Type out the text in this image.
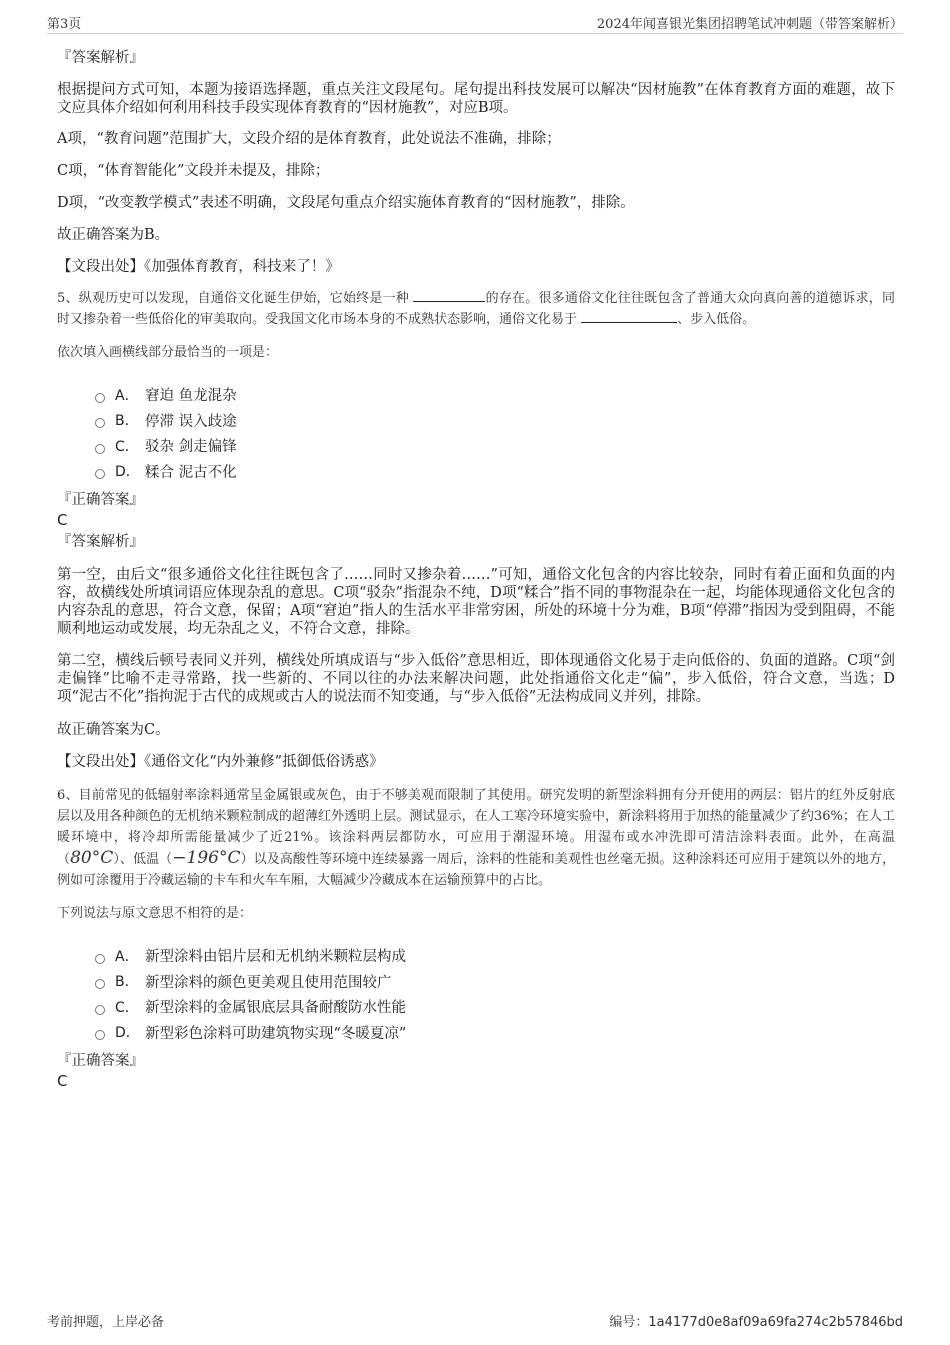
第3页	2024年闻喜银光集团招聘笔试冲刺题（带答案解析）

『答案解析』

根据提问方式可知，本题为接语选择题，重点关注文段尾句。尾句提出科技发展可以解决“因材施教”在体育教育方面的难题，故下文应具体介绍如何利用科技手段实现体育教育的“因材施教”，对应B项。

A项，“教育问题”范围扩大，文段介绍的是体育教育，此处说法不准确，排除；

C项，“体育智能化”文段并未提及，排除；

D项，“改变教学模式”表述不明确，文段尾句重点介绍实施体育教育的“因材施教”，排除。

故正确答案为B。

【文段出处】《加强体育教育，科技来了！》

5、纵观历史可以发现，自通俗文化诞生伊始，它始终是一种	的存在。很多通俗文化往往既包含了普通大众向真向善的道德诉求，同时又掺杂着一些低俗化的审美取向。受我国文化市场本身的不成熟状态影响，通俗文化易于	、步入低俗。

依次填入画横线部分最恰当的一项是：

A． 窘迫 鱼龙混杂
B． 停滞 误入歧途
C． 驳杂 剑走偏锋
D． 糅合 泥古不化

『正确答案』

C

『答案解析』

第一空，由后文“很多通俗文化往往既包含了……同时又掺杂着……”可知，通俗文化包含的内容比较杂，同时有着正面和负面的内容，故横线处所填词语应体现杂乱的意思。C项“驳杂”指混杂不纯，D项“糅合”指不同的事物混杂在一起，均能体现通俗文化包含的内容杂乱的意思，符合文意，保留；A项“窘迫”指人的生活水平非常穷困，所处的环境十分为难，B项“停滞”指因为受到阻碍，不能顺利地运动或发展，均无杂乱之义，不符合文意，排除。

第二空，横线后顿号表同义并列，横线处所填成语与“步入低俗”意思相近，即体现通俗文化易于走向低俗的、负面的道路。C项“剑走偏锋”比喻不走寻常路，找一些新的、不同以往的办法来解决问题，此处指通俗文化走“偏”，步入低俗，符合文意，当选；D项“泥古不化”指拘泥于古代的成规或古人的说法而不知变通，与“步入低俗”无法构成同义并列，排除。

故正确答案为C。

【文段出处】《通俗文化“内外兼修”抵御低俗诱惑》

6、目前常见的低辐射率涂料通常呈金属银或灰色，由于不够美观而限制了其使用。研究发明的新型涂料拥有分开使用的两层：铝片的红外反射底层以及用各种颜色的无机纳米颗粒制成的超薄红外透明上层。测试显示，在人工寒冷环境实验中，新涂料将用于加热的能量减少了约36%；在人工暖环境中，将冷却所需能量减少了近21%。该涂料两层都防水，可应用于潮湿环境。用湿布或水冲洗即可清洁涂料表面。此外，在高温（80°C）、低温（−196°C）以及高酸性等环境中连续暴露一周后，涂料的性能和美观性也丝毫无损。这种涂料还可应用于建筑以外的地方，例如可涂覆用于冷藏运输的卡车和火车车厢，大幅减少冷藏成本在运输预算中的占比。

下列说法与原文意思不相符的是：

A． 新型涂料由铝片层和无机纳米颗粒层构成
B． 新型涂料的颜色更美观且使用范围较广
C． 新型涂料的金属银底层具备耐酸防水性能
D． 新型彩色涂料可助建筑物实现“冬暖夏凉”

『正确答案』

C

考前押题，上岸必备	编号：1a4177d0e8af09a69fa274c2b57846bd
